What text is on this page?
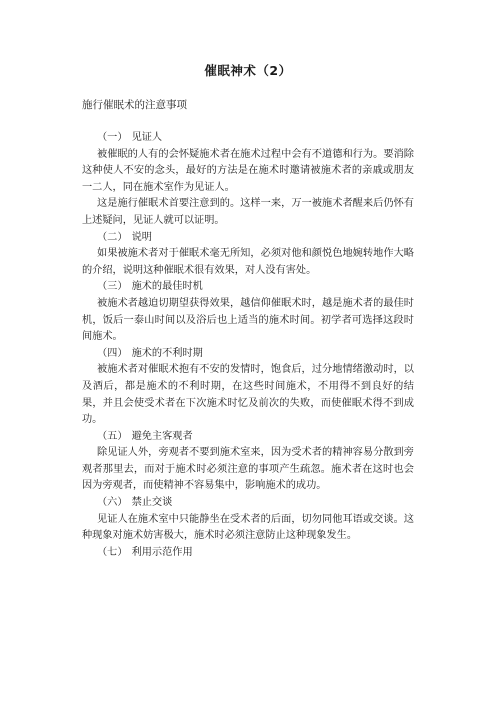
催眠神术（2）
施行催眠术的注意事项

（一） 见证人

被催眠的人有的会怀疑施术者在施术过程中会有不道德和行为。要消除这种使人不安的念头，最好的方法是在施术时邀请被施术者的亲戚或朋友一二人，同在施术室作为见证人。

这是施行催眠术首要注意到的。这样一来，万一被施术者醒来后仍怀有上述疑问，见证人就可以证明。

（二） 说明

如果被施术者对于催眠术毫无所知，必须对他和颜悦色地婉转地作大略的介绍，说明这种催眠术很有效果，对人没有害处。

（三） 施术的最佳时机

被施术者越迫切期望获得效果，越信仰催眠术时，越是施术者的最佳时机，饭后一泰山时间以及浴后也上适当的施术时间。初学者可选择这段时间施术。

（四） 施术的不利时期

被施术者对催眠术抱有不安的发情时，饱食后，过分地情绪激动时，以及酒后，都是施术的不利时期，在这些时间施术，不用得不到良好的结果，并且会使受术者在下次施术时忆及前次的失败，而使催眠术得不到成功。

（五） 避免主客观者

除见证人外，旁观者不要到施术室来，因为受术者的精神容易分散到旁观者那里去，而对于施术时必须注意的事项产生疏忽。施术者在这时也会因为旁观者，而使精神不容易集中，影响施术的成功。

（六） 禁止交谈

见证人在施术室中只能静坐在受术者的后面，切勿同他耳语或交谈。这种现象对施术妨害极大，施术时必须注意防止这种现象发生。

（七） 利用示范作用
